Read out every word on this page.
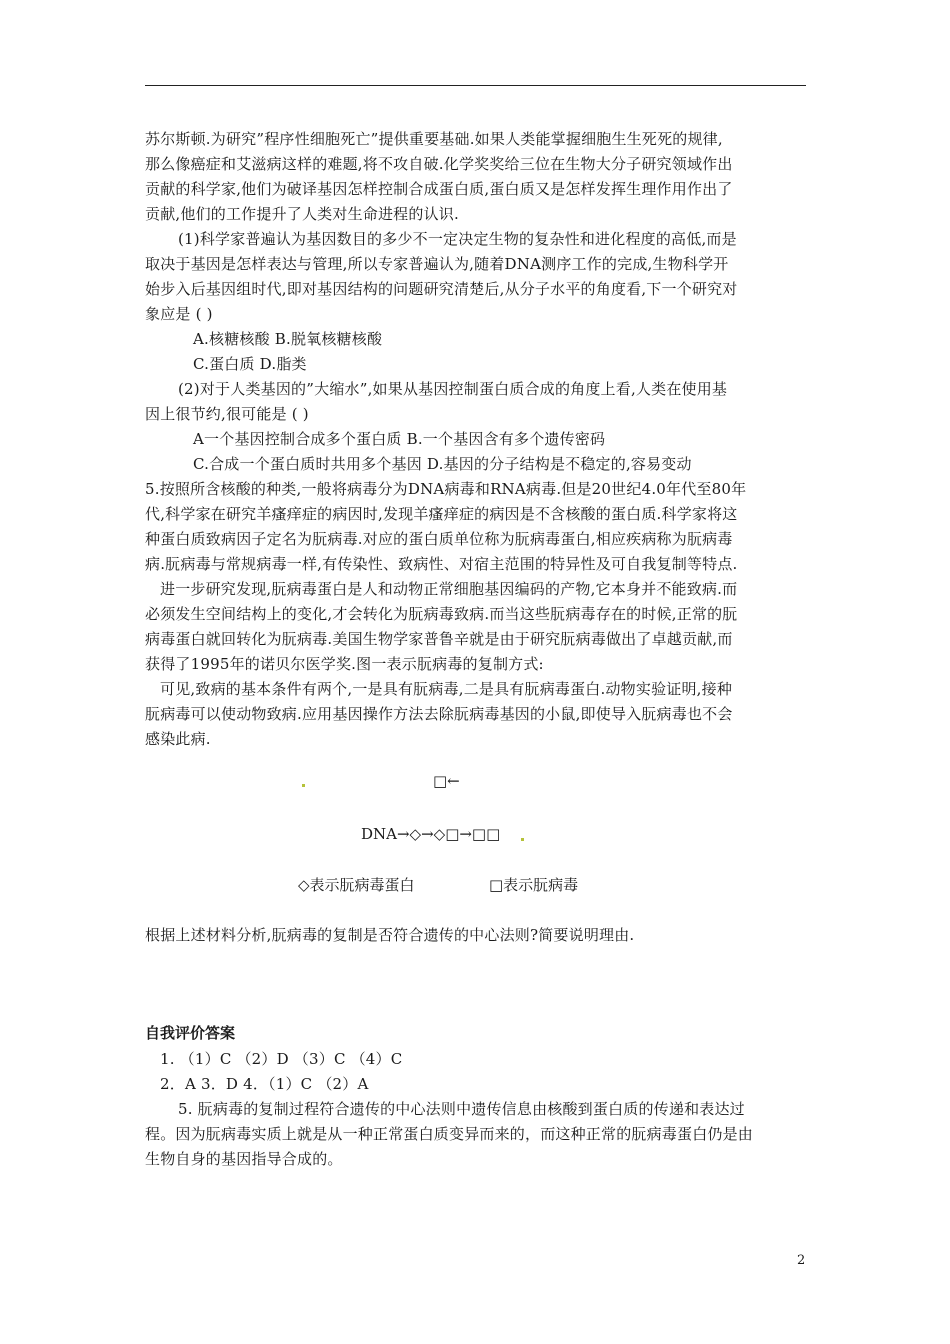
苏尔斯顿.为研究”程序性细胞死亡”提供重要基础.如果人类能掌握细胞生生死死的规律,
那么像癌症和艾滋病这样的难题,将不攻自破.化学奖奖给三位在生物大分子研究领域作出
贡献的科学家,他们为破译基因怎样控制合成蛋白质,蛋白质又是怎样发挥生理作用作出了
贡献,他们的工作提升了人类对生命进程的认识.
(1)科学家普遍认为基因数目的多少不一定决定生物的复杂性和进化程度的高低,而是
取决于基因是怎样表达与管理,所以专家普遍认为,随着DNA测序工作的完成,生物科学开
始步入后基因组时代,即对基因结构的问题研究清楚后,从分子水平的角度看,下一个研究对
象应是 ( )
A.核糖核酸 B.脱氧核糖核酸
C.蛋白质 D.脂类
(2)对于人类基因的”大缩水”,如果从基因控制蛋白质合成的角度上看,人类在使用基
因上很节约,很可能是 ( )
A一个基因控制合成多个蛋白质 B.一个基因含有多个遗传密码
C.合成一个蛋白质时共用多个基因 D.基因的分子结构是不稳定的,容易变动
5.按照所含核酸的种类,一般将病毒分为DNA病毒和RNA病毒.但是20世纪4.0年代至80年
代,科学家在研究羊瘙痒症的病因时,发现羊瘙痒症的病因是不含核酸的蛋白质.科学家将这
种蛋白质致病因子定名为朊病毒.对应的蛋白质单位称为朊病毒蛋白,相应疾病称为朊病毒
病.朊病毒与常规病毒一样,有传染性、致病性、对宿主范围的特异性及可自我复制等特点.
进一步研究发现,朊病毒蛋白是人和动物正常细胞基因编码的产物,它本身并不能致病.而
必须发生空间结构上的变化,才会转化为朊病毒致病.而当这些朊病毒存在的时候,正常的朊
病毒蛋白就回转化为朊病毒.美国生物学家普鲁辛就是由于研究朊病毒做出了卓越贡献,而
获得了1995年的诺贝尔医学奖.图一表示朊病毒的复制方式:
可见,致病的基本条件有两个,一是具有朊病毒,二是具有朊病毒蛋白.动物实验证明,接种
朊病毒可以使动物致病.应用基因操作方法去除朊病毒基因的小鼠,即使导入朊病毒也不会
感染此病.
□←
DNA→◇→◇□→□□
◇表示朊病毒蛋白	□表示朊病毒
根据上述材料分析,朊病毒的复制是否符合遗传的中心法则?简要说明理由.
自我评价答案
1. （1）C （2）D （3）C （4）C
2．A 3．D 4．（1）C （2）A
5. 朊病毒的复制过程符合遗传的中心法则中遗传信息由核酸到蛋白质的传递和表达过
程。因为朊病毒实质上就是从一种正常蛋白质变异而来的，而这种正常的朊病毒蛋白仍是由
生物自身的基因指导合成的。
2
